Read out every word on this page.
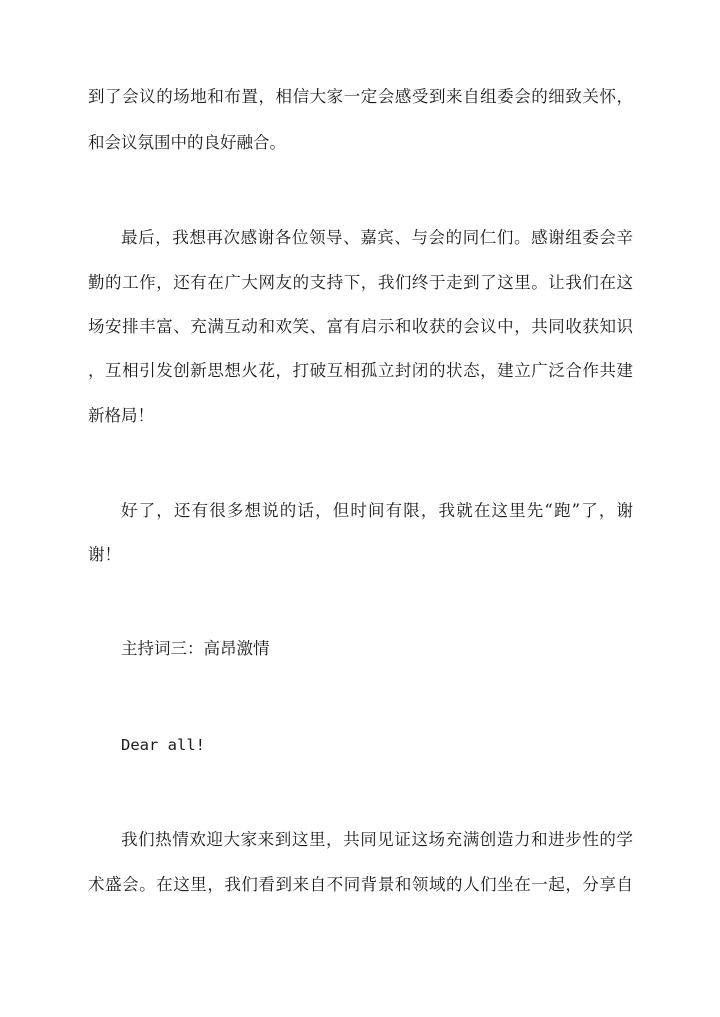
到了会议的场地和布置，相信大家一定会感受到来自组委会的细致关怀，
和会议氛围中的良好融合。
最后，我想再次感谢各位领导、嘉宾、与会的同仁们。感谢组委会辛
勤的工作，还有在广大网友的支持下，我们终于走到了这里。让我们在这
场安排丰富、充满互动和欢笑、富有启示和收获的会议中，共同收获知识
，互相引发创新思想火花，打破互相孤立封闭的状态，建立广泛合作共建
新格局！
好了，还有很多想说的话，但时间有限，我就在这里先“跑”了，谢
谢！
主持词三：高昂激情
Dear all!
我们热情欢迎大家来到这里，共同见证这场充满创造力和进步性的学
术盛会。在这里，我们看到来自不同背景和领域的人们坐在一起，分享自
